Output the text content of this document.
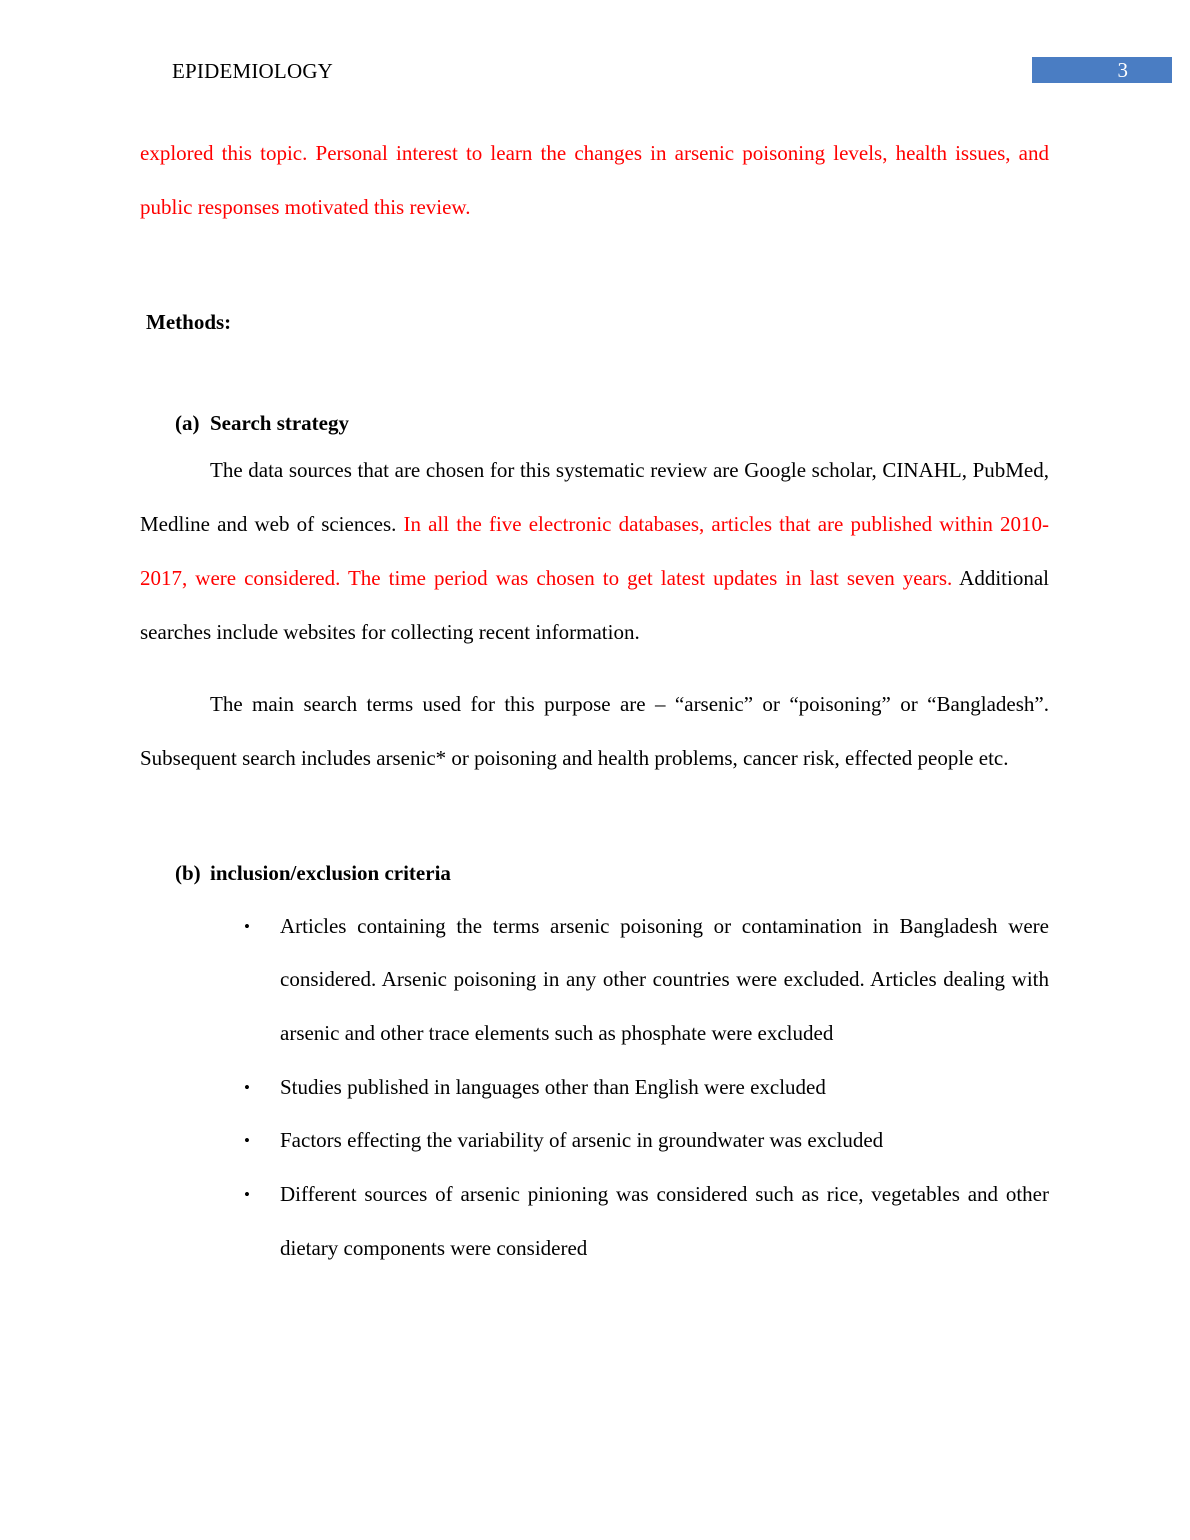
EPIDEMIOLOGY	3

explored this topic. Personal interest to learn the changes in arsenic poisoning levels, health issues, and public responses motivated this review.

Methods:
(a) Search strategy

The data sources that are chosen for this systematic review are Google scholar, CINAHL, PubMed, Medline and web of sciences. In all the five electronic databases, articles that are published within 2010-2017, were considered. The time period was chosen to get latest updates in last seven years. Additional searches include websites for collecting recent information.

The main search terms used for this purpose are – “arsenic” or “poisoning” or “Bangladesh”. Subsequent search includes arsenic* or poisoning and health problems, cancer risk, effected people etc.

(b) inclusion/exclusion criteria
• Articles containing the terms arsenic poisoning or contamination in Bangladesh were considered. Arsenic poisoning in any other countries were excluded. Articles dealing with arsenic and other trace elements such as phosphate were excluded
• Studies published in languages other than English were excluded
• Factors effecting the variability of arsenic in groundwater was excluded
• Different sources of arsenic pinioning was considered such as rice, vegetables and other dietary components were considered
